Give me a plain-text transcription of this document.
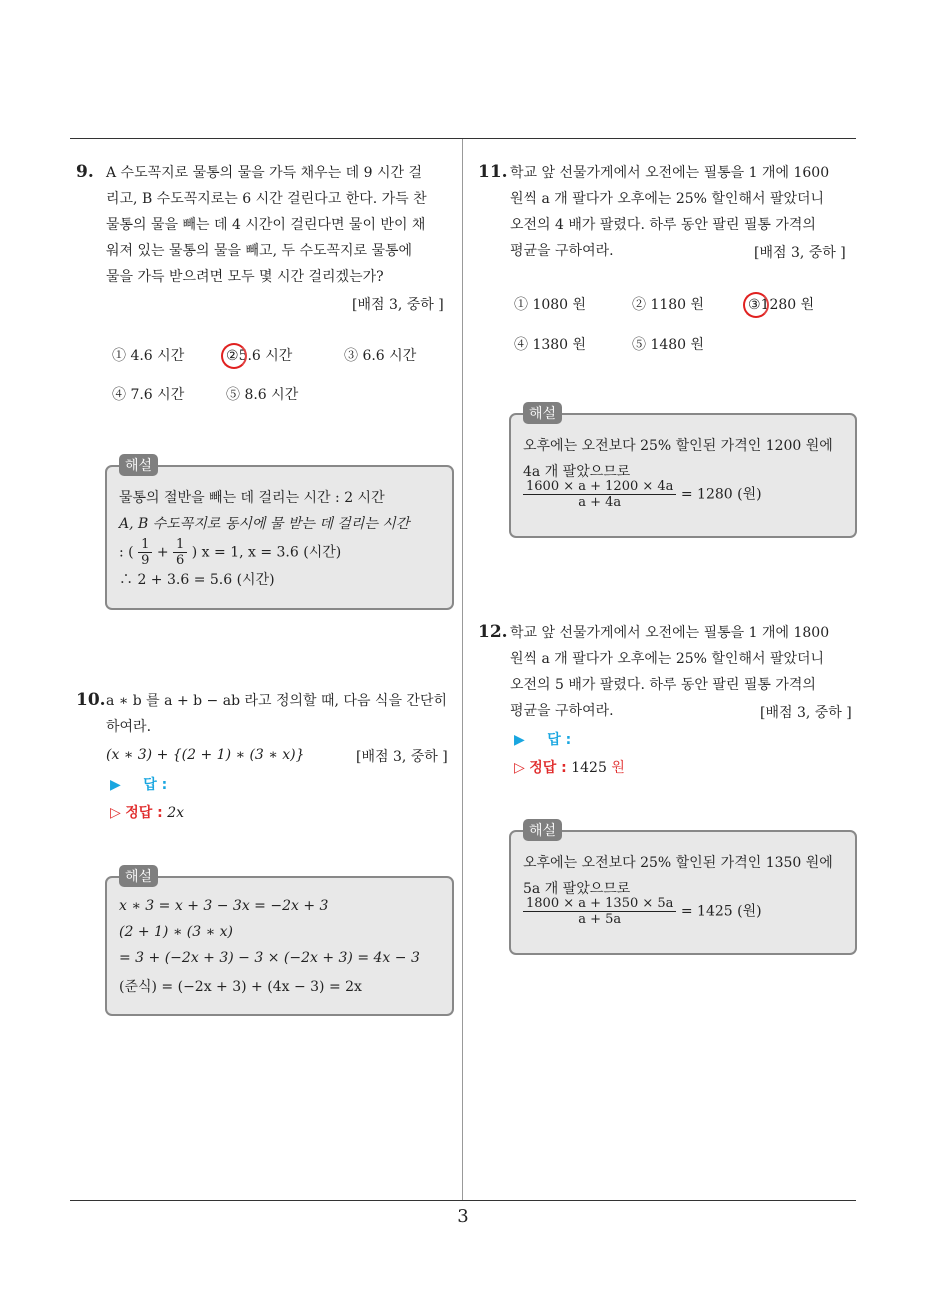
3
9. A 수도꼭지로 물통의 물을 가득 채우는 데 9 시간 걸
리고, B 수도꼭지로는 6 시간 걸린다고 한다. 가득 찬
물통의 물을 빼는 데 4 시간이 걸린다면 물이 반이 채
워져 있는 물통의 물을 빼고, 두 수도꼭지로 물통에
물을 가득 받으려면 모두 몇 시간 걸리겠는가?
[배점 3, 중하 ]
① 4.6 시간	②5.6 시간	③ 6.6 시간
④ 7.6 시간	⑤ 8.6 시간
해설
물통의 절반을 빼는 데 걸리는 시간 : 2 시간
A, B 수도꼭지로 동시에 물 받는 데 걸리는 시간
: ( $\frac{1}{9} + \frac{1}{6}$ ) x = 1, x = 3.6 (시간)
∴ 2 + 3.6 = 5.6 (시간)
10. a ∗ b 를 a + b − ab 라고 정의할 때, 다음 식을 간단히
하여라.
(x ∗ 3) + {(2 + 1) ∗ (3 ∗ x)}	[배점 3, 중하 ]
▶ 답 :
▷ 정답 : 2x
해설
x ∗ 3 = x + 3 − 3x = −2x + 3
(2 + 1) ∗ (3 ∗ x)
= 3 + (−2x + 3) − 3 × (−2x + 3) = 4x − 3
(준식) = (−2x + 3) + (4x − 3) = 2x
11. 학교 앞 선물가게에서 오전에는 필통을 1 개에 1600
원씩 a 개 팔다가 오후에는 25% 할인해서 팔았더니
오전의 4 배가 팔렸다. 하루 동안 팔린 필통 가격의
평균을 구하여라.	[배점 3, 중하 ]
① 1080 원	② 1180 원	③1280 원
④ 1380 원	⑤ 1480 원
해설
오후에는 오전보다 25% 할인된 가격인 1200 원에
4a 개 팔았으므로
$\frac{1600 \times a + 1200 \times 4a}{a + 4a} = 1280$ (원)
12. 학교 앞 선물가게에서 오전에는 필통을 1 개에 1800
원씩 a 개 팔다가 오후에는 25% 할인해서 팔았더니
오전의 5 배가 팔렸다. 하루 동안 팔린 필통 가격의
평균을 구하여라.	[배점 3, 중하 ]
▶ 답 :
▷ 정답 : 1425 원
해설
오후에는 오전보다 25% 할인된 가격인 1350 원에
5a 개 팔았으므로
$\frac{1800 \times a + 1350 \times 5a}{a + 5a} = 1425$ (원)
